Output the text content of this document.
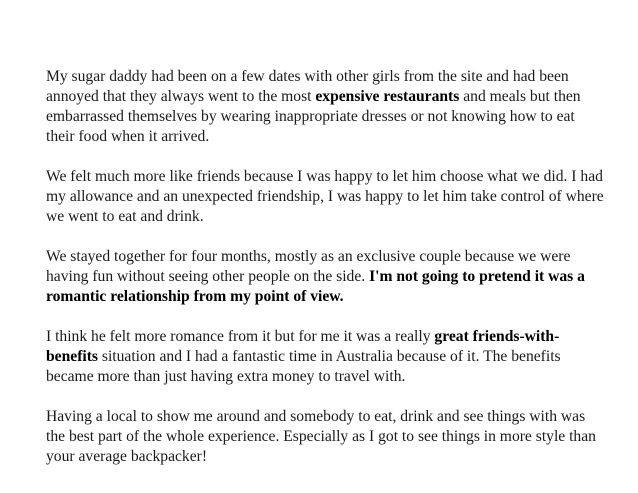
My sugar daddy had been on a few dates with other girls from the site and had been annoyed that they always went to the most expensive restaurants and meals but then embarrassed themselves by wearing inappropriate dresses or not knowing how to eat their food when it arrived.

We felt much more like friends because I was happy to let him choose what we did. I had my allowance and an unexpected friendship, I was happy to let him take control of where we went to eat and drink.

We stayed together for four months, mostly as an exclusive couple because we were having fun without seeing other people on the side. I'm not going to pretend it was a romantic relationship from my point of view.

I think he felt more romance from it but for me it was a really great friends-with-benefits situation and I had a fantastic time in Australia because of it. The benefits became more than just having extra money to travel with.

Having a local to show me around and somebody to eat, drink and see things with was the best part of the whole experience. Especially as I got to see things in more style than your average backpacker!
